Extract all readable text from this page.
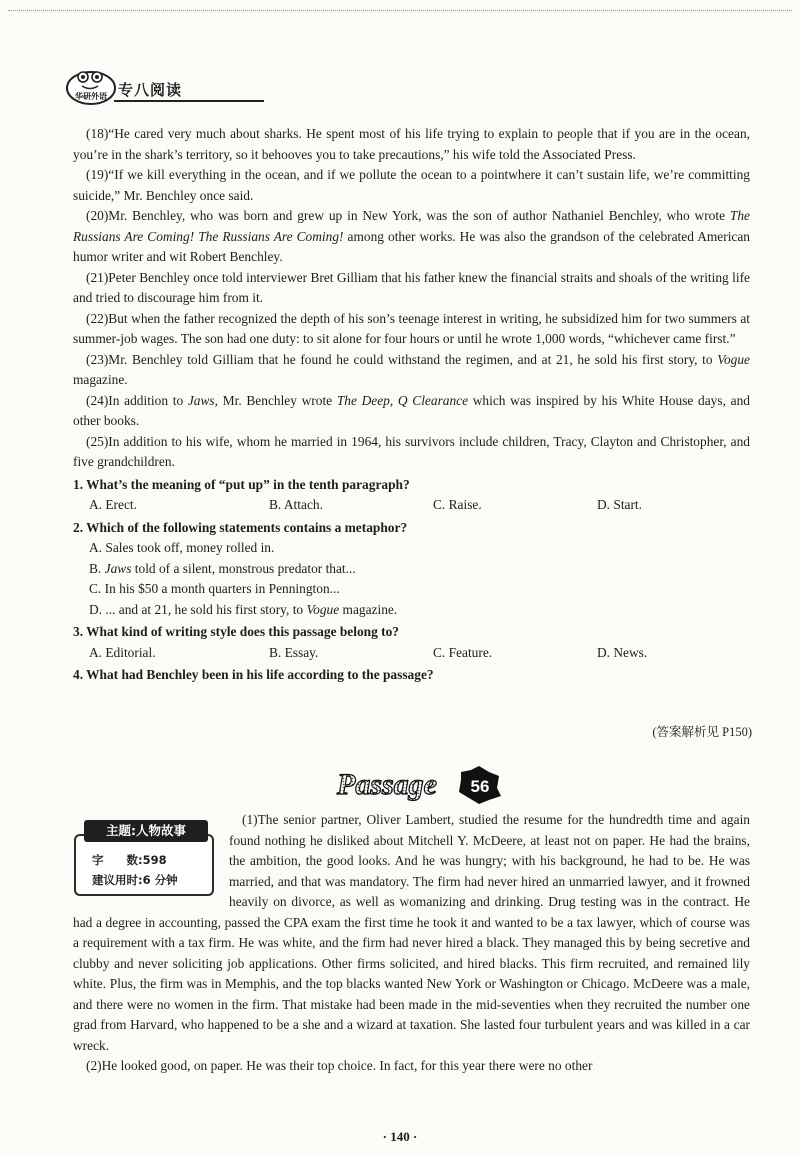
华研外语 专八阅读

(18)“He cared very much about sharks. He spent most of his life trying to explain to people that if you are in the ocean, you’re in the shark’s territory, so it behooves you to take precautions,” his wife told the Associated Press.

(19)“If we kill everything in the ocean, and if we pollute the ocean to a pointwhere it can’t sustain life, we’re committing suicide,” Mr. Benchley once said.

(20)Mr. Benchley, who was born and grew up in New York, was the son of author Nathaniel Benchley, who wrote The Russians Are Coming! The Russians Are Coming! among other works. He was also the grandson of the celebrated American humor writer and wit Robert Benchley.

(21)Peter Benchley once told interviewer Bret Gilliam that his father knew the financial straits and shoals of the writing life and tried to discourage him from it.

(22)But when the father recognized the depth of his son’s teenage interest in writing, he subsidized him for two summers at summer-job wages. The son had one duty: to sit alone for four hours or until he wrote 1,000 words, “whichever came first.”

(23)Mr. Benchley told Gilliam that he found he could withstand the regimen, and at 21, he sold his first story, to Vogue magazine.

(24)In addition to Jaws, Mr. Benchley wrote The Deep, Q Clearance which was inspired by his White House days, and other books.

(25)In addition to his wife, whom he married in 1964, his survivors include children, Tracy, Clayton and Christopher, and five grandchildren.

1. What’s the meaning of “put up” in the tenth paragraph?
A. Erect.	B. Attach.	C. Raise.	D. Start.
2. Which of the following statements contains a metaphor?
A. Sales took off, money rolled in.
B. Jaws told of a silent, monstrous predator that...
C. In his $50 a month quarters in Pennington...
D. ... and at 21, he sold his first story, to Vogue magazine.
3. What kind of writing style does this passage belong to?
A. Editorial.	B. Essay.	C. Feature.	D. News.
4. What had Benchley been in his life according to the passage?
(答案解析见 P150)
Passage 56
字　　数:598
建议用时:6 分钟
主题:人物故事

(1)The senior partner, Oliver Lambert, studied the resume for the hundredth time and again found nothing he disliked about Mitchell Y. McDeere, at least not on paper. He had the brains, the ambition, the good looks. And he was hungry; with his background, he had to be. He was married, and that was mandatory. The firm had never hired an unmarried lawyer, and it frowned heavily on divorce, as well as womanizing and drinking. Drug testing was in the contract. He had a degree in accounting, passed the CPA exam the first time he took it and wanted to be a tax lawyer, which of course was a requirement with a tax firm. He was white, and the firm had never hired a black. They managed this by being secretive and clubby and never soliciting job applications. Other firms solicited, and hired blacks. This firm recruited, and remained lily white. Plus, the firm was in Memphis, and the top blacks wanted New York or Washington or Chicago. McDeere was a male, and there were no women in the firm. That mistake had been made in the mid-seventies when they recruited the number one grad from Harvard, who happened to be a she and a wizard at taxation. She lasted four turbulent years and was killed in a car wreck.

(2)He looked good, on paper. He was their top choice. In fact, for this year there were no other

· 140 ·
